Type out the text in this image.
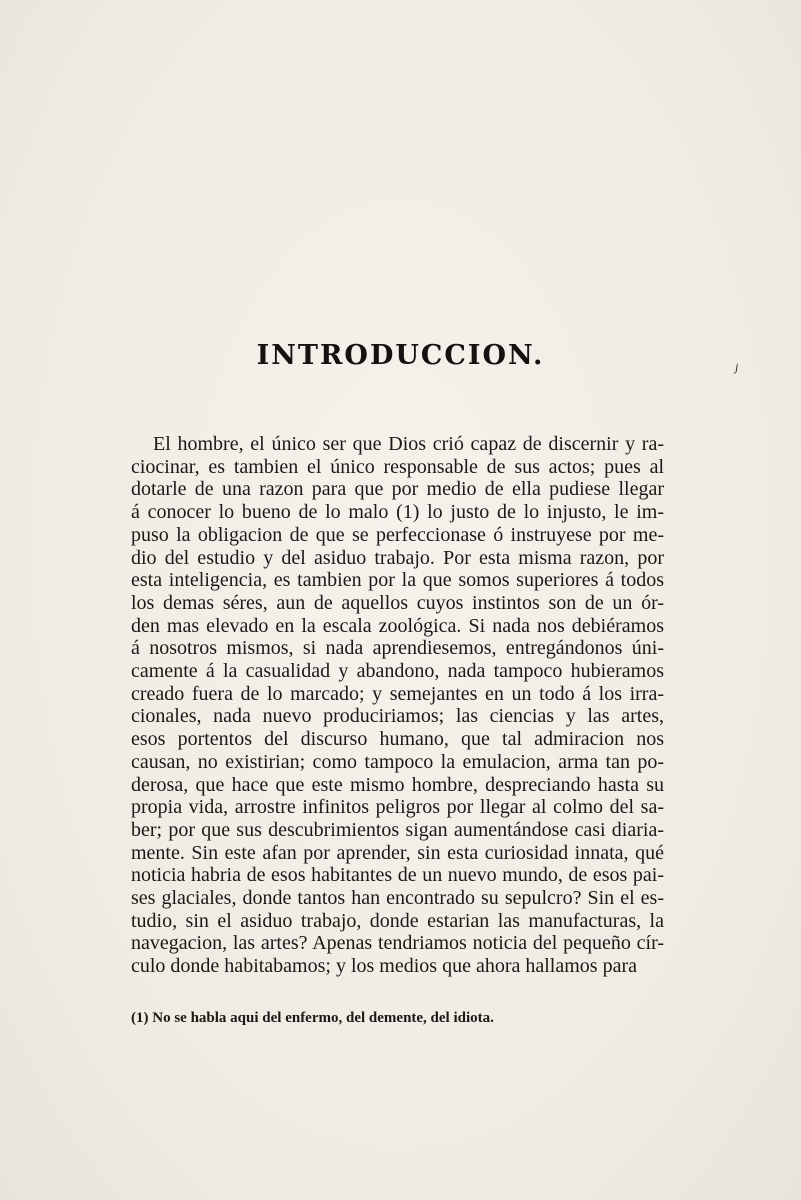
j
INTRODUCCION.
El hombre, el único ser que Dios crió capaz de discernir y ra-
ciocinar, es tambien el único responsable de sus actos; pues al
dotarle de una razon para que por medio de ella pudiese llegar
á conocer lo bueno de lo malo (1) lo justo de lo injusto, le im-
puso la obligacion de que se perfeccionase ó instruyese por me-
dio del estudio y del asiduo trabajo. Por esta misma razon, por
esta inteligencia, es tambien por la que somos superiores á todos
los demas séres, aun de aquellos cuyos instintos son de un ór-
den mas elevado en la escala zoológica. Si nada nos debiéramos
á nosotros mismos, si nada aprendiesemos, entregándonos úni-
camente á la casualidad y abandono, nada tampoco hubieramos
creado fuera de lo marcado; y semejantes en un todo á los irra-
cionales, nada nuevo produciriamos; las ciencias y las artes,
esos portentos del discurso humano, que tal admiracion nos
causan, no existirian; como tampoco la emulacion, arma tan po-
derosa, que hace que este mismo hombre, despreciando hasta su
propia vida, arrostre infinitos peligros por llegar al colmo del sa-
ber; por que sus descubrimientos sigan aumentándose casi diaria-
mente. Sin este afan por aprender, sin esta curiosidad innata, qué
noticia habria de esos habitantes de un nuevo mundo, de esos pai-
ses glaciales, donde tantos han encontrado su sepulcro? Sin el es-
tudio, sin el asiduo trabajo, donde estarian las manufacturas, la
navegacion, las artes? Apenas tendriamos noticia del pequeño cír-
culo donde habitabamos; y los medios que ahora hallamos para
(1) No se habla aqui del enfermo, del demente, del idiota.
